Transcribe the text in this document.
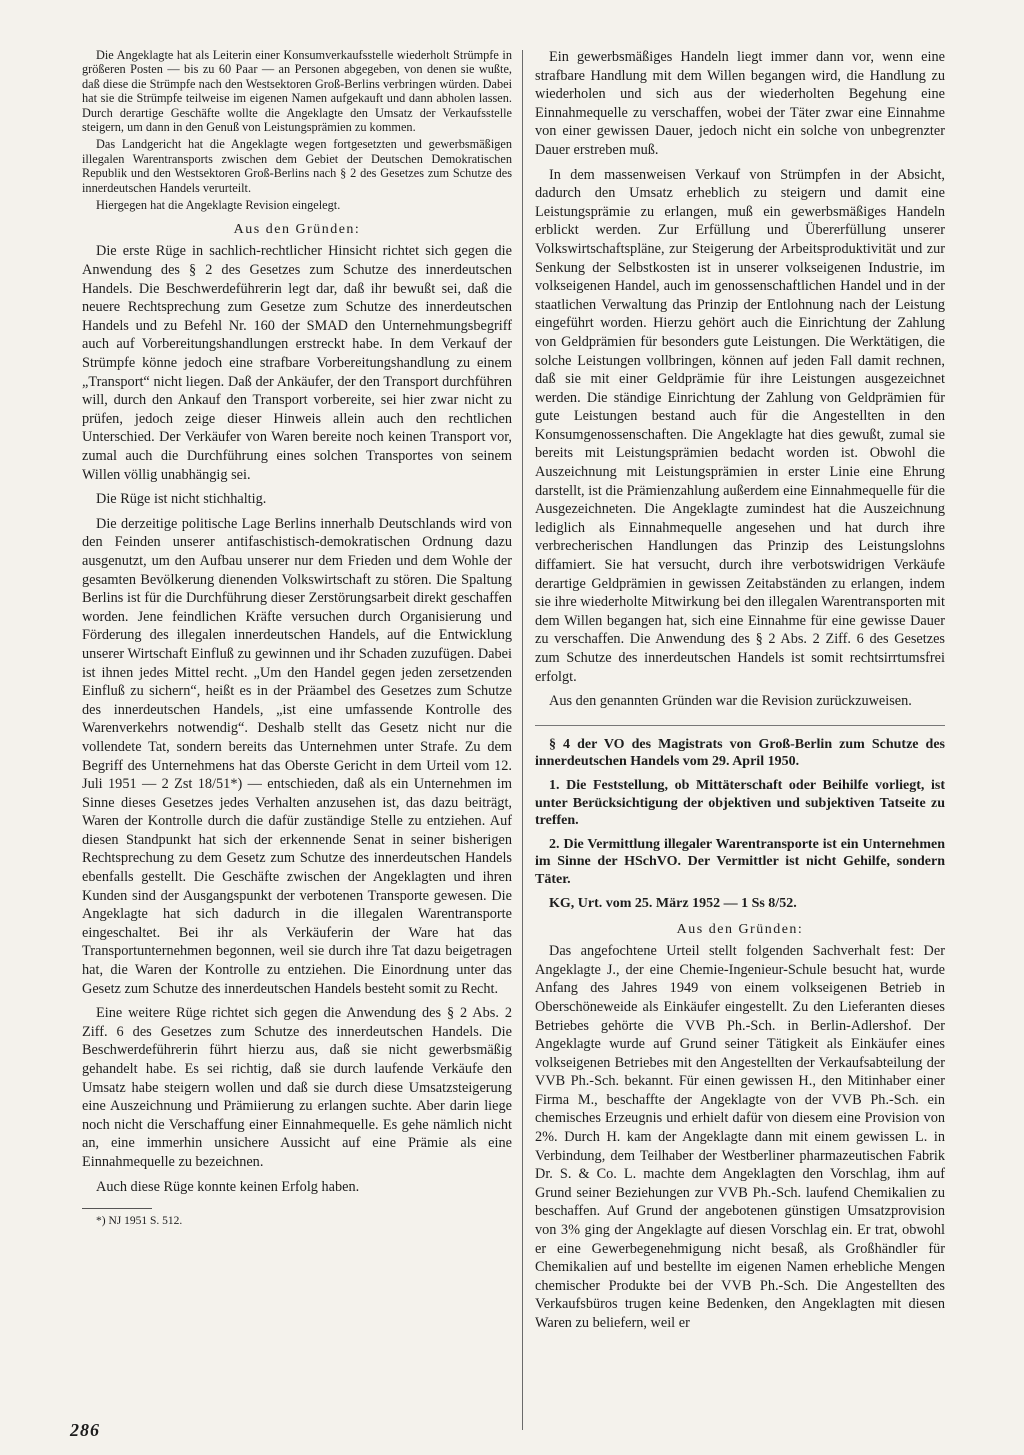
Die Angeklagte hat als Leiterin einer Konsumverkaufsstelle wiederholt Strümpfe in größeren Posten — bis zu 60 Paar — an Personen abgegeben, von denen sie wußte, daß diese die Strümpfe nach den Westsektoren Groß-Berlins verbringen würden. Dabei hat sie die Strümpfe teilweise im eigenen Namen aufgekauft und dann abholen lassen. Durch derartige Geschäfte wollte die Angeklagte den Umsatz der Verkaufsstelle steigern, um dann in den Genuß von Leistungsprämien zu kommen.

Das Landgericht hat die Angeklagte wegen fortgesetzten und gewerbsmäßigen illegalen Warentransports zwischen dem Gebiet der Deutschen Demokratischen Republik und den Westsektoren Groß-Berlins nach § 2 des Gesetzes zum Schutze des innerdeutschen Handels verurteilt.

Hiergegen hat die Angeklagte Revision eingelegt.

Aus den Gründen:

Die erste Rüge in sachlich-rechtlicher Hinsicht richtet sich gegen die Anwendung des § 2 des Gesetzes zum Schutze des innerdeutschen Handels. Die Beschwerdeführerin legt dar, daß ihr bewußt sei, daß die neuere Rechtsprechung zum Gesetze zum Schutze des innerdeutschen Handels und zu Befehl Nr. 160 der SMAD den Unternehmungsbegriff auch auf Vorbereitungshandlungen erstreckt habe. In dem Verkauf der Strümpfe könne jedoch eine strafbare Vorbereitungshandlung zu einem „Transport“ nicht liegen. Daß der Ankäufer, der den Transport durchführen will, durch den Ankauf den Transport vorbereite, sei hier zwar nicht zu prüfen, jedoch zeige dieser Hinweis allein auch den rechtlichen Unterschied. Der Verkäufer von Waren bereite noch keinen Transport vor, zumal auch die Durchführung eines solchen Transportes von seinem Willen völlig unabhängig sei.

Die Rüge ist nicht stichhaltig.

Die derzeitige politische Lage Berlins innerhalb Deutschlands wird von den Feinden unserer antifaschistisch-demokratischen Ordnung dazu ausgenutzt, um den Aufbau unserer nur dem Frieden und dem Wohle der gesamten Bevölkerung dienenden Volkswirtschaft zu stören. Die Spaltung Berlins ist für die Durchführung dieser Zerstörungsarbeit direkt geschaffen worden. Jene feindlichen Kräfte versuchen durch Organisierung und Förderung des illegalen innerdeutschen Handels, auf die Entwicklung unserer Wirtschaft Einfluß zu gewinnen und ihr Schaden zuzufügen. Dabei ist ihnen jedes Mittel recht. „Um den Handel gegen jeden zersetzenden Einfluß zu sichern“, heißt es in der Präambel des Gesetzes zum Schutze des innerdeutschen Handels, „ist eine umfassende Kontrolle des Warenverkehrs notwendig“. Deshalb stellt das Gesetz nicht nur die vollendete Tat, sondern bereits das Unternehmen unter Strafe. Zu dem Begriff des Unternehmens hat das Oberste Gericht in dem Urteil vom 12. Juli 1951 — 2 Zst 18/51*) — entschieden, daß als ein Unternehmen im Sinne dieses Gesetzes jedes Verhalten anzusehen ist, das dazu beiträgt, Waren der Kontrolle durch die dafür zuständige Stelle zu entziehen. Auf diesen Standpunkt hat sich der erkennende Senat in seiner bisherigen Rechtsprechung zu dem Gesetz zum Schutze des innerdeutschen Handels ebenfalls gestellt. Die Geschäfte zwischen der Angeklagten und ihren Kunden sind der Ausgangspunkt der verbotenen Transporte gewesen. Die Angeklagte hat sich dadurch in die illegalen Warentransporte eingeschaltet. Bei ihr als Verkäuferin der Ware hat das Transportunternehmen begonnen, weil sie durch ihre Tat dazu beigetragen hat, die Waren der Kontrolle zu entziehen. Die Einordnung unter das Gesetz zum Schutze des innerdeutschen Handels besteht somit zu Recht.

Eine weitere Rüge richtet sich gegen die Anwendung des § 2 Abs. 2 Ziff. 6 des Gesetzes zum Schutze des innerdeutschen Handels. Die Beschwerdeführerin führt hierzu aus, daß sie nicht gewerbsmäßig gehandelt habe. Es sei richtig, daß sie durch laufende Verkäufe den Umsatz habe steigern wollen und daß sie durch diese Umsatzsteigerung eine Auszeichnung und Prämiierung zu erlangen suchte. Aber darin liege noch nicht die Verschaffung einer Einnahmequelle. Es gehe nämlich nicht an, eine immerhin unsichere Aussicht auf eine Prämie als eine Einnahmequelle zu bezeichnen.

Auch diese Rüge konnte keinen Erfolg haben.

*) NJ 1951 S. 512.

Ein gewerbsmäßiges Handeln liegt immer dann vor, wenn eine strafbare Handlung mit dem Willen begangen wird, die Handlung zu wiederholen und sich aus der wiederholten Begehung eine Einnahmequelle zu verschaffen, wobei der Täter zwar eine Einnahme von einer gewissen Dauer, jedoch nicht ein solche von unbegrenzter Dauer erstreben muß.

In dem massenweisen Verkauf von Strümpfen in der Absicht, dadurch den Umsatz erheblich zu steigern und damit eine Leistungsprämie zu erlangen, muß ein gewerbsmäßiges Handeln erblickt werden. Zur Erfüllung und Übererfüllung unserer Volkswirtschaftspläne, zur Steigerung der Arbeitsproduktivität und zur Senkung der Selbstkosten ist in unserer volkseigenen Industrie, im volkseigenen Handel, auch im genossenschaftlichen Handel und in der staatlichen Verwaltung das Prinzip der Entlohnung nach der Leistung eingeführt worden. Hierzu gehört auch die Einrichtung der Zahlung von Geldprämien für besonders gute Leistungen. Die Werktätigen, die solche Leistungen vollbringen, können auf jeden Fall damit rechnen, daß sie mit einer Geldprämie für ihre Leistungen ausgezeichnet werden. Die ständige Einrichtung der Zahlung von Geldprämien für gute Leistungen bestand auch für die Angestellten in den Konsumgenossenschaften. Die Angeklagte hat dies gewußt, zumal sie bereits mit Leistungsprämien bedacht worden ist. Obwohl die Auszeichnung mit Leistungsprämien in erster Linie eine Ehrung darstellt, ist die Prämienzahlung außerdem eine Einnahmequelle für die Ausgezeichneten. Die Angeklagte zumindest hat die Auszeichnung lediglich als Einnahmequelle angesehen und hat durch ihre verbrecherischen Handlungen das Prinzip des Leistungslohns diffamiert. Sie hat versucht, durch ihre verbotswidrigen Verkäufe derartige Geldprämien in gewissen Zeitabständen zu erlangen, indem sie ihre wiederholte Mitwirkung bei den illegalen Warentransporten mit dem Willen begangen hat, sich eine Einnahme für eine gewisse Dauer zu verschaffen. Die Anwendung des § 2 Abs. 2 Ziff. 6 des Gesetzes zum Schutze des innerdeutschen Handels ist somit rechtsirrtumsfrei erfolgt.

Aus den genannten Gründen war die Revision zurückzuweisen.

§ 4 der VO des Magistrats von Groß-Berlin zum Schutze des innerdeutschen Handels vom 29. April 1950.

1. Die Feststellung, ob Mittäterschaft oder Beihilfe vorliegt, ist unter Berücksichtigung der objektiven und subjektiven Tatseite zu treffen.

2. Die Vermittlung illegaler Warentransporte ist ein Unternehmen im Sinne der HSchVO. Der Vermittler ist nicht Gehilfe, sondern Täter.

KG, Urt. vom 25. März 1952 — 1 Ss 8/52.

Aus den Gründen:

Das angefochtene Urteil stellt folgenden Sachverhalt fest: Der Angeklagte J., der eine Chemie-Ingenieur-Schule besucht hat, wurde Anfang des Jahres 1949 von einem volkseigenen Betrieb in Oberschöneweide als Einkäufer eingestellt. Zu den Lieferanten dieses Betriebes gehörte die VVB Ph.-Sch. in Berlin-Adlershof. Der Angeklagte wurde auf Grund seiner Tätigkeit als Einkäufer eines volkseigenen Betriebes mit den Angestellten der Verkaufsabteilung der VVB Ph.-Sch. bekannt. Für einen gewissen H., den Mitinhaber einer Firma M., beschaffte der Angeklagte von der VVB Ph.-Sch. ein chemisches Erzeugnis und erhielt dafür von diesem eine Provision von 2%. Durch H. kam der Angeklagte dann mit einem gewissen L. in Verbindung, dem Teilhaber der Westberliner pharmazeutischen Fabrik Dr. S. & Co. L. machte dem Angeklagten den Vorschlag, ihm auf Grund seiner Beziehungen zur VVB Ph.-Sch. laufend Chemikalien zu beschaffen. Auf Grund der angebotenen günstigen Umsatzprovision von 3% ging der Angeklagte auf diesen Vorschlag ein. Er trat, obwohl er eine Gewerbegenehmigung nicht besaß, als Großhändler für Chemikalien auf und bestellte im eigenen Namen erhebliche Mengen chemischer Produkte bei der VVB Ph.-Sch. Die Angestellten des Verkaufsbüros trugen keine Bedenken, den Angeklagten mit diesen Waren zu beliefern, weil er

286
